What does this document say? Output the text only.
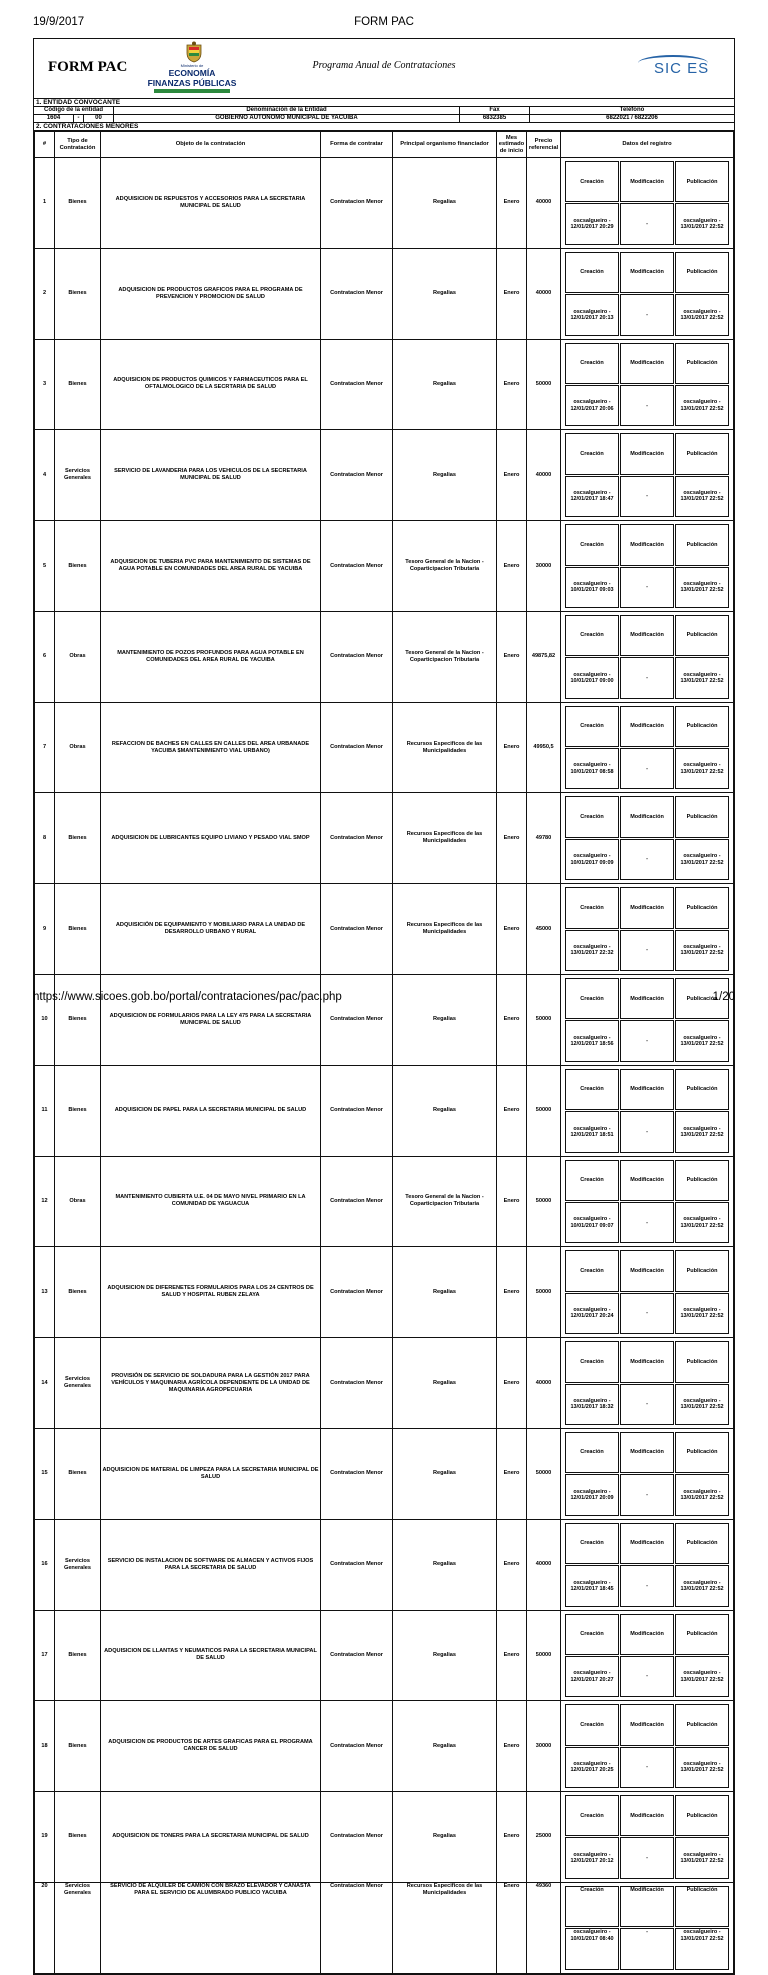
19/9/2017	FORM PAC
FORM PAC	Ministerio de
ECONOMÍA
FINANZAS PÚBLICAS
Programa Anual de Contrataciones	SIC ES
1. ENTIDAD CONVOCANTE
Código de la entidad	Denominación de la Entidad	Fax	Teléfono
1604	-	00	GOBIERNO AUTONOMO MUNICIPAL DE YACUIBA	6832385	6822021 / 6822206
2. CONTRATACIONES MENORES
#	Tipo de Contratación	Objeto de la contratación	Forma de contratar	Principal organismo financiador	Mes estimado de inicio	Precio referencial	Datos del registro
1	Bienes	ADQUISICION DE REPUESTOS Y ACCESORIOS PARA LA SECRETARIA MUNICIPAL DE SALUD	Contratacion Menor	Regalias	Enero	40000	
Creación	Modificación	Publicación
oscsalgueiro - 12/01/2017 20:29	-	oscsalgueiro - 13/01/2017 22:52

2	Bienes	ADQUISICION DE PRODUCTOS GRAFICOS PARA EL PROGRAMA DE PREVENCION Y PROMOCION DE SALUD	Contratacion Menor	Regalias	Enero	40000	
Creación	Modificación	Publicación
oscsalgueiro - 12/01/2017 20:13	-	oscsalgueiro - 13/01/2017 22:52

3	Bienes	ADQUISICION DE PRODUCTOS QUIMICOS Y FARMACEUTICOS PARA EL OFTALMOLOGICO DE LA SECRTARIA DE SALUD	Contratacion Menor	Regalias	Enero	50000	
Creación	Modificación	Publicación
oscsalgueiro - 12/01/2017 20:06	-	oscsalgueiro - 13/01/2017 22:52

4	Servicios Generales	SERVICIO DE LAVANDERIA PARA LOS VEHICULOS DE LA SECRETARIA MUNICIPAL DE SALUD	Contratacion Menor	Regalias	Enero	40000	
Creación	Modificación	Publicación
oscsalgueiro - 12/01/2017 18:47	-	oscsalgueiro - 13/01/2017 22:52

5	Bienes	ADQUISICION DE TUBERIA PVC PARA MANTENIMIENTO DE SISTEMAS DE AGUA POTABLE EN COMUNIDADES DEL AREA RURAL DE YACUIBA	Contratacion Menor	Tesoro General de la Nacion - Coparticipacion Tributaria	Enero	30000	
Creación	Modificación	Publicación
oscsalgueiro - 10/01/2017 09:03	-	oscsalgueiro - 13/01/2017 22:52

6	Obras	MANTENIMIENTO DE POZOS PROFUNDOS PARA AGUA POTABLE EN COMUNIDADES DEL AREA RURAL DE YACUIBA	Contratacion Menor	Tesoro General de la Nacion - Coparticipacion Tributaria	Enero	49875,82	
Creación	Modificación	Publicación
oscsalgueiro - 10/01/2017 09:00	-	oscsalgueiro - 13/01/2017 22:52

7	Obras	REFACCION DE BACHES EN CALLES EN CALLES DEL AREA URBANADE YACUIBA $MANTENIMIENTO VIAL URBANO)	Contratacion Menor	Recursos Especificos de las Municipalidades	Enero	49950,5	
Creación	Modificación	Publicación
oscsalgueiro - 10/01/2017 08:58	-	oscsalgueiro - 13/01/2017 22:52

8	Bienes	ADQUISICION DE LUBRICANTES EQUIPO LIVIANO Y PESADO VIAL SMOP	Contratacion Menor	Recursos Especificos de las Municipalidades	Enero	49780	
Creación	Modificación	Publicación
oscsalgueiro - 10/01/2017 09:09	-	oscsalgueiro - 13/01/2017 22:52

9	Bienes	ADQUISICIÓN DE EQUIPAMIENTO Y MOBILIARIO PARA LA UNIDAD DE DESARROLLO URBANO Y RURAL	Contratacion Menor	Recursos Especificos de las Municipalidades	Enero	45000	
Creación	Modificación	Publicación
oscsalgueiro - 13/01/2017 22:32	-	oscsalgueiro - 13/01/2017 22:52

10	Bienes	ADQUISICION DE FORMULARIOS PARA LA LEY 475 PARA LA SECRETARIA MUNICIPAL DE SALUD	Contratacion Menor	Regalias	Enero	50000	
Creación	Modificación	Publicación
oscsalgueiro - 12/01/2017 18:56	-	oscsalgueiro - 13/01/2017 22:52

11	Bienes	ADQUISICION DE PAPEL PARA LA SECRETARIA MUNICIPAL DE SALUD	Contratacion Menor	Regalias	Enero	50000	
Creación	Modificación	Publicación
oscsalgueiro - 12/01/2017 18:51	-	oscsalgueiro - 13/01/2017 22:52

12	Obras	MANTENIMIENTO CUBIERTA U.E. 04 DE MAYO NIVEL PRIMARIO EN LA COMUNIDAD DE YAGUACUA	Contratacion Menor	Tesoro General de la Nacion - Coparticipacion Tributaria	Enero	50000	
Creación	Modificación	Publicación
oscsalgueiro - 10/01/2017 09:07	-	oscsalgueiro - 13/01/2017 22:52

13	Bienes	ADQUISICION DE DIFERENETES FORMULARIOS PARA LOS 24 CENTROS DE SALUD Y HOSPITAL RUBEN ZELAYA	Contratacion Menor	Regalias	Enero	50000	
Creación	Modificación	Publicación
oscsalgueiro - 12/01/2017 20:24	-	oscsalgueiro - 13/01/2017 22:52

14	Servicios Generales	PROVISIÓN DE SERVICIO DE SOLDADURA PARA LA GESTIÓN 2017 PARA VEHÍCULOS Y MAQUINARIA AGRÍCOLA DEPENDIENTE DE LA UNIDAD DE MAQUINARIA AGROPECUARIA	Contratacion Menor	Regalias	Enero	40000	
Creación	Modificación	Publicación
oscsalgueiro - 13/01/2017 18:32	-	oscsalgueiro - 13/01/2017 22:52

15	Bienes	ADQUISICION DE MATERIAL DE LIMPEZA PARA LA SECRETARIA MUNICIPAL DE SALUD	Contratacion Menor	Regalias	Enero	50000	
Creación	Modificación	Publicación
oscsalgueiro - 12/01/2017 20:09	-	oscsalgueiro - 13/01/2017 22:52

16	Servicios Generales	SERVICIO DE INSTALACION DE SOFTWARE DE ALMACEN Y ACTIVOS FIJOS PARA LA SECRETARIA DE SALUD	Contratacion Menor	Regalias	Enero	40000	
Creación	Modificación	Publicación
oscsalgueiro - 12/01/2017 18:45	-	oscsalgueiro - 13/01/2017 22:52

17	Bienes	ADQUISICION DE LLANTAS Y NEUMATICOS PARA LA SECRETARIA MUNICIPAL DE SALUD	Contratacion Menor	Regalias	Enero	50000	
Creación	Modificación	Publicación
oscsalgueiro - 12/01/2017 20:27	-	oscsalgueiro - 13/01/2017 22:52

18	Bienes	ADQUISICION DE PRODUCTOS DE ARTES GRAFICAS PARA EL PROGRAMA CANCER DE SALUD	Contratacion Menor	Regalias	Enero	30000	
Creación	Modificación	Publicación
oscsalgueiro - 12/01/2017 20:25	-	oscsalgueiro - 13/01/2017 22:52

19	Bienes	ADQUISICION DE TONERS PARA LA SECRETARIA MUNICIPAL DE SALUD	Contratacion Menor	Regalias	Enero	25000	
Creación	Modificación	Publicación
oscsalgueiro - 12/01/2017 20:12	-	oscsalgueiro - 13/01/2017 22:52

20	Servicios Generales	SERVICIO DE ALQUILER DE CAMION CON BRAZO ELEVADOR Y CANASTA PARA EL SERVICIO DE ALUMBRADO PUBLICO YACUIBA	Contratacion Menor	Recursos Especificos de las Municipalidades	Enero	49360	
Creación	Modificación	Publicación
oscsalgueiro - 10/01/2017 08:40	-	oscsalgueiro - 13/01/2017 22:52
https://www.sicoes.gob.bo/portal/contrataciones/pac/pac.php	1/20
